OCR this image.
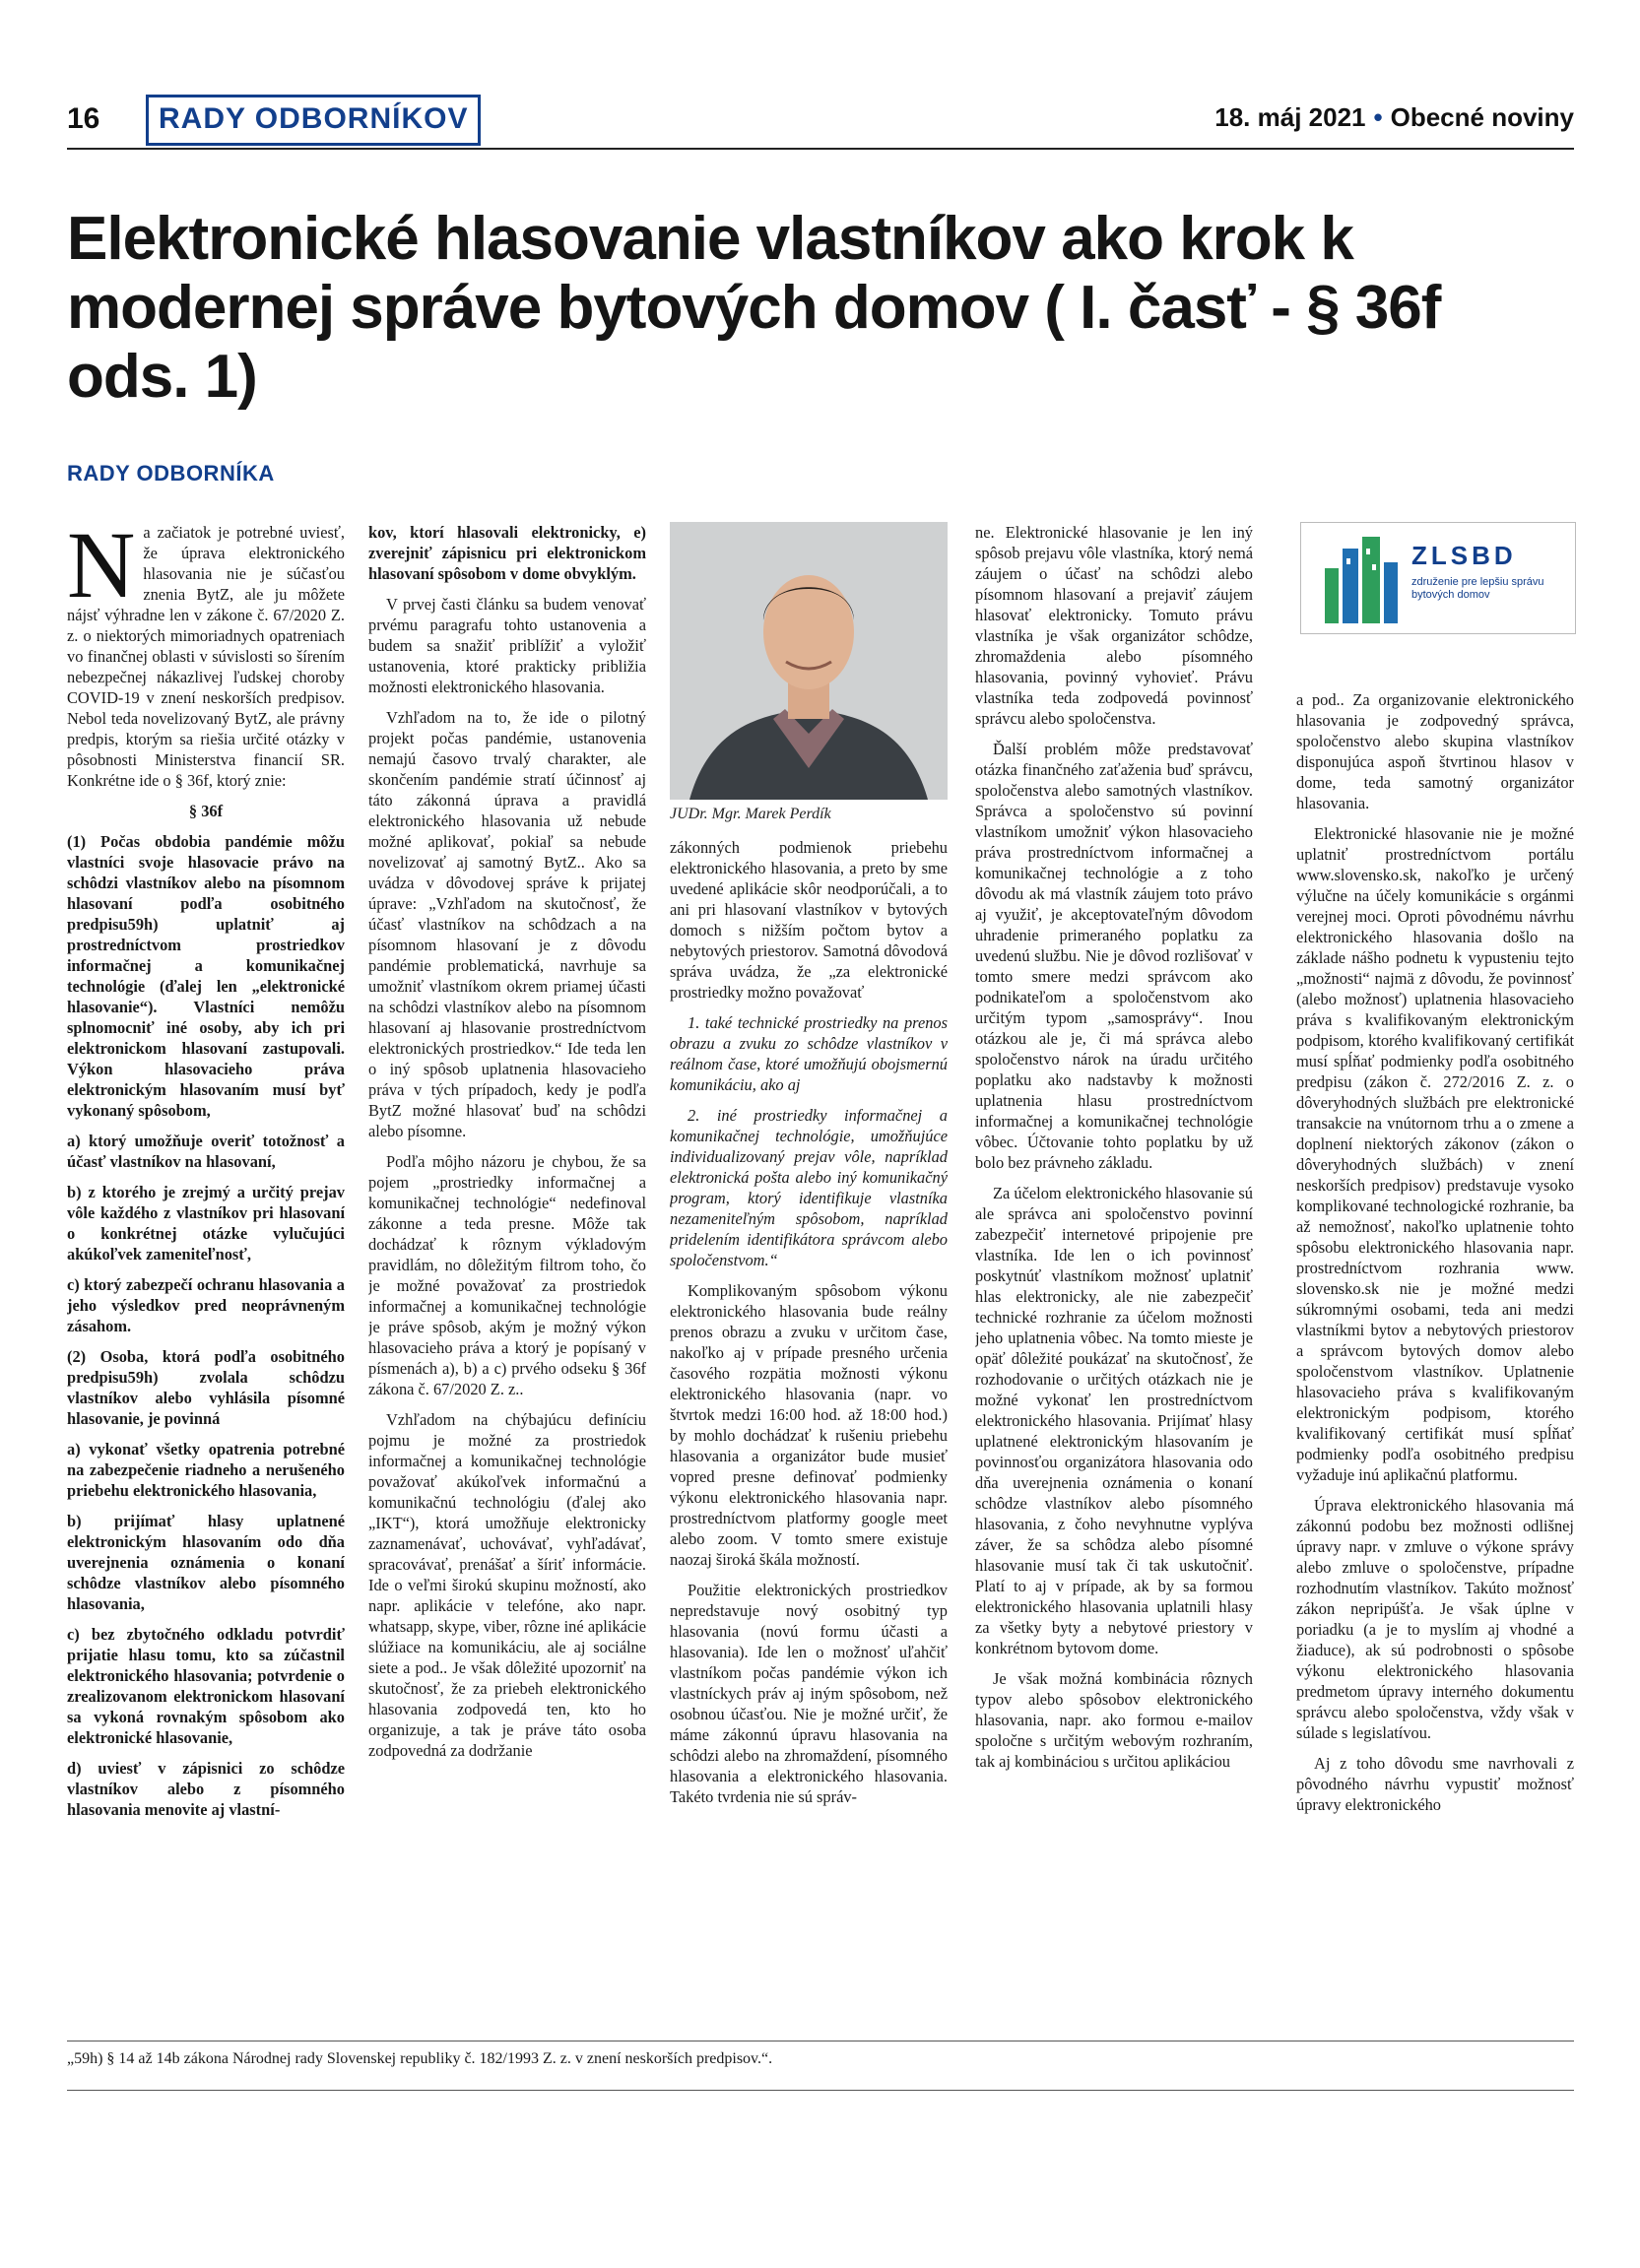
16	RADY ODBORNÍKOV	18. máj 2021 • Obecné noviny
Elektronické hlasovanie vlastníkov ako krok k modernej správe bytových domov ( I. časť - § 36f ods. 1)
RADY ODBORNÍKA
N a začiatok je potrebné uviesť, že úprava elektronického hlasovania nie je súčasťou znenia BytZ, ale ju môžete nájsť výhradne len v zákone č. 67/2020 Z. z. o niektorých mimoriadnych opatreniach vo finančnej oblasti v súvislosti so šírením nebezpečnej nákazlivej ľudskej choroby COVID-19 v znení neskorších predpisov. Nebol teda novelizovaný BytZ, ale právny predpis, ktorým sa riešia určité otázky v pôsobnosti Ministerstva financií SR. Konkrétne ide o § 36f, ktorý znie:

§ 36f

(1) Počas obdobia pandémie môžu vlastníci svoje hlasovacie právo na schôdzi vlastníkov alebo na písomnom hlasovaní podľa osobitného predpisu59h) uplatniť aj prostredníctvom prostriedkov informačnej a komunikačnej technológie (ďalej len „elektronické hlasovanie“). Vlastníci nemôžu splnomocniť iné osoby, aby ich pri elektronickom hlasovaní zastupovali. Výkon hlasovacieho práva elektronickým hlasovaním musí byť vykonaný spôsobom,

a) ktorý umožňuje overiť totožnosť a účasť vlastníkov na hlasovaní,

b) z ktorého je zrejmý a určitý prejav vôle každého z vlastníkov pri hlasovaní o konkrétnej otázke vylučujúci akúkoľvek zameniteľnosť,

c) ktorý zabezpečí ochranu hlasovania a jeho výsledkov pred neoprávneným zásahom.

(2) Osoba, ktorá podľa osobitného predpisu59h) zvolala schôdzu vlastníkov alebo vyhlásila písomné hlasovanie, je povinná

a) vykonať všetky opatrenia potrebné na zabezpečenie riadneho a nerušeného priebehu elektronického hlasovania,

b) prijímať hlasy uplatnené elektronickým hlasovaním odo dňa uverejnenia oznámenia o konaní schôdze vlastníkov alebo písomného hlasovania,

c) bez zbytočného odkladu potvrdiť prijatie hlasu tomu, kto sa zúčastnil elektronického hlasovania; potvrdenie o zrealizovanom elektronickom hlasovaní sa vykoná rovnakým spôsobom ako elektronické hlasovanie,

d) uviesť v zápisnici zo schôdze vlastníkov alebo z písomného hlasovania menovite aj vlastní-

kov, ktorí hlasovali elektronicky, e) zverejniť zápisnicu pri elektronickom hlasovaní spôsobom v dome obvyklým.

V prvej časti článku sa budem venovať prvému paragrafu tohto ustanovenia a budem sa snažiť priblížiť a vyložiť ustanovenia, ktoré prakticky približia možnosti elektronického hlasovania.

Vzhľadom na to, že ide o pilotný projekt počas pandémie, ustanovenia nemajú časovo trvalý charakter, ale skončením pandémie stratí účinnosť aj táto zákonná úprava a pravidlá elektronického hlasovania už nebude možné aplikovať, pokiaľ sa nebude novelizovať aj samotný BytZ.. Ako sa uvádza v dôvodovej správe k prijatej úprave: „Vzhľadom na skutočnosť, že účasť vlastníkov na schôdzach a na písomnom hlasovaní je z dôvodu pandémie problematická, navrhuje sa umožniť vlastníkom okrem priamej účasti na schôdzi vlastníkov alebo na písomnom hlasovaní aj hlasovanie prostredníctvom elektronických prostriedkov.“ Ide teda len o iný spôsob uplatnenia hlasovacieho práva v tých prípadoch, kedy je podľa BytZ možné hlasovať buď na schôdzi alebo písomne.

Podľa môjho názoru je chybou, že sa pojem „prostriedky informačnej a komunikačnej technológie“ nedefinoval zákonne a teda presne. Môže tak dochádzať k rôznym výkladovým pravidlám, no dôležitým filtrom toho, čo je možné považovať za prostriedok informačnej a komunikačnej technológie je práve spôsob, akým je možný výkon hlasovacieho práva a ktorý je popísaný v písmenách a), b) a c) prvého odseku § 36f zákona č. 67/2020 Z. z..

Vzhľadom na chýbajúcu definíciu pojmu je možné za prostriedok informačnej a komunikačnej technológie považovať akúkoľvek informačnú a komunikačnú technológiu (ďalej ako „IKT“), ktorá umožňuje elektronicky zaznamenávať, uchovávať, vyhľadávať, spracovávať, prenášať a šíriť informácie. Ide o veľmi širokú skupinu možností, ako napr. aplikácie v telefóne, ako napr. whatsapp, skype, viber, rôzne iné aplikácie slúžiace na komunikáciu, ale aj sociálne siete a pod.. Je však dôležité upozorniť na skutočnosť, že za priebeh elektronického hlasovania zodpovedá ten, kto ho organizuje, a tak je práve táto osoba zodpovedná za dodržanie

JUDr. Mgr. Marek Perdík

zákonných podmienok priebehu elektronického hlasovania, a preto by sme uvedené aplikácie skôr neodporúčali, a to ani pri hlasovaní vlastníkov v bytových domoch s nižším počtom bytov a nebytových priestorov. Samotná dôvodová správa uvádza, že „za elektronické prostriedky možno považovať

1. také technické prostriedky na prenos obrazu a zvuku zo schôdze vlastníkov v reálnom čase, ktoré umožňujú obojsmernú komunikáciu, ako aj

2. iné prostriedky informačnej a komunikačnej technológie, umožňujúce individualizovaný prejav vôle, napríklad elektronická pošta alebo iný komunikačný program, ktorý identifikuje vlastníka nezameniteľným spôsobom, napríklad pridelením identifikátora správcom alebo spoločenstvom.“

Komplikovaným spôsobom výkonu elektronického hlasovania bude reálny prenos obrazu a zvuku v určitom čase, nakoľko aj v prípade presného určenia časového rozpätia možnosti výkonu elektronického hlasovania (napr. vo štvrtok medzi 16:00 hod. až 18:00 hod.) by mohlo dochádzať k rušeniu priebehu hlasovania a organizátor bude musieť vopred presne definovať podmienky výkonu elektronického hlasovania napr. prostredníctvom platformy google meet alebo zoom. V tomto smere existuje naozaj široká škála možností.

Použitie elektronických prostriedkov nepredstavuje nový osobitný typ hlasovania (novú formu účasti a hlasovania). Ide len o možnosť uľahčiť vlastníkom počas pandémie výkon ich vlastníckych práv aj iným spôsobom, než osobnou účasťou. Nie je možné určiť, že máme zákonnú úpravu hlasovania na schôdzi alebo na zhromaždení, písomného hlasovania a elektronického hlasovania. Takéto tvrdenia nie sú správ-

ne. Elektronické hlasovanie je len iný spôsob prejavu vôle vlastníka, ktorý nemá záujem o účasť na schôdzi alebo písomnom hlasovaní a prejaviť záujem hlasovať elektronicky. Tomuto právu vlastníka je však organizátor schôdze, zhromaždenia alebo písomného hlasovania, povinný vyhovieť. Právu vlastníka teda zodpovedá povinnosť správcu alebo spoločenstva.

Ďalší problém môže predstavovať otázka finančného zaťaženia buď správcu, spoločenstva alebo samotných vlastníkov. Správca a spoločenstvo sú povinní vlastníkom umožniť výkon hlasovacieho práva prostredníctvom informačnej a komunikačnej technológie a z toho dôvodu ak má vlastník záujem toto právo aj využiť, je akceptovateľným dôvodom uhradenie primeraného poplatku za uvedenú službu. Nie je dôvod rozlišovať v tomto smere medzi správcom ako podnikateľom a spoločenstvom ako určitým typom „samosprávy“. Inou otázkou ale je, či má správca alebo spoločenstvo nárok na úradu určitého poplatku ako nadstavby k možnosti uplatnenia hlasu prostredníctvom informačnej a komunikačnej technológie vôbec. Účtovanie tohto poplatku by už bolo bez právneho základu.

Za účelom elektronického hlasovanie sú ale správca ani spoločenstvo povinní zabezpečiť internetové pripojenie pre vlastníka. Ide len o ich povinnosť poskytnúť vlastníkom možnosť uplatniť hlas elektronicky, ale nie zabezpečiť technické rozhranie za účelom možnosti jeho uplatnenia vôbec. Na tomto mieste je opäť dôležité poukázať na skutočnosť, že rozhodovanie o určitých otázkach nie je možné vykonať len prostredníctvom elektronického hlasovania. Prijímať hlasy uplatnené elektronickým hlasovaním je povinnosťou organizátora hlasovania odo dňa uverejnenia oznámenia o konaní schôdze vlastníkov alebo písomného hlasovania, z čoho nevyhnutne vyplýva záver, že sa schôdza alebo písomné hlasovanie musí tak či tak uskutočniť. Platí to aj v prípade, ak by sa formou elektronického hlasovania uplatnili hlasy za všetky byty a nebytové priestory v konkrétnom bytovom dome.

Je však možná kombinácia rôznych typov alebo spôsobov elektronického hlasovania, napr. ako formou e-mailov spoločne s určitým webovým rozhraním, tak aj kombináciou s určitou aplikáciou

ZLSBD
združenie pre lepšiu správu bytových domov

a pod.. Za organizovanie elektronického hlasovania je zodpovedný správca, spoločenstvo alebo skupina vlastníkov disponujúca aspoň štvrtinou hlasov v dome, teda samotný organizátor hlasovania.

Elektronické hlasovanie nie je možné uplatniť prostredníctvom portálu www.slovensko.sk, nakoľko je určený výlučne na účely komunikácie s orgánmi verejnej moci. Oproti pôvodnému návrhu elektronického hlasovania došlo na základe nášho podnetu k vypusteniu tejto „možnosti“ najmä z dôvodu, že povinnosť (alebo možnosť) uplatnenia hlasovacieho práva s kvalifikovaným elektronickým podpisom, ktorého kvalifikovaný certifikát musí spĺňať podmienky podľa osobitného predpisu (zákon č. 272/2016 Z. z. o dôveryhodných službách pre elektronické transakcie na vnútornom trhu a o zmene a doplnení niektorých zákonov (zákon o dôveryhodných službách) v znení neskorších predpisov) predstavuje vysoko komplikované technologické rozhranie, ba až nemožnosť, nakoľko uplatnenie tohto spôsobu elektronického hlasovania napr. prostredníctvom rozhrania www. slovensko.sk nie je možné medzi súkromnými osobami, teda ani medzi vlastníkmi bytov a nebytových priestorov a správcom bytových domov alebo spoločenstvom vlastníkov. Uplatnenie hlasovacieho práva s kvalifikovaným elektronickým podpisom, ktorého kvalifikovaný certifikát musí spĺňať podmienky podľa osobitného predpisu vyžaduje inú aplikačnú platformu.

Úprava elektronického hlasovania má zákonnú podobu bez možnosti odlišnej úpravy napr. v zmluve o výkone správy alebo zmluve o spoločenstve, prípadne rozhodnutím vlastníkov. Takúto možnosť zákon nepripúšťa. Je však úplne v poriadku (a je to myslím aj vhodné a žiaduce), ak sú podrobnosti o spôsobe výkonu elektronického hlasovania predmetom úpravy interného dokumentu správcu alebo spoločenstva, vždy však v súlade s legislatívou.

Aj z toho dôvodu sme navrhovali z pôvodného návrhu vypustiť možnosť úpravy elektronického

„59h) § 14 až 14b zákona Národnej rady Slovenskej republiky č. 182/1993 Z. z. v znení neskorších predpisov.“.
